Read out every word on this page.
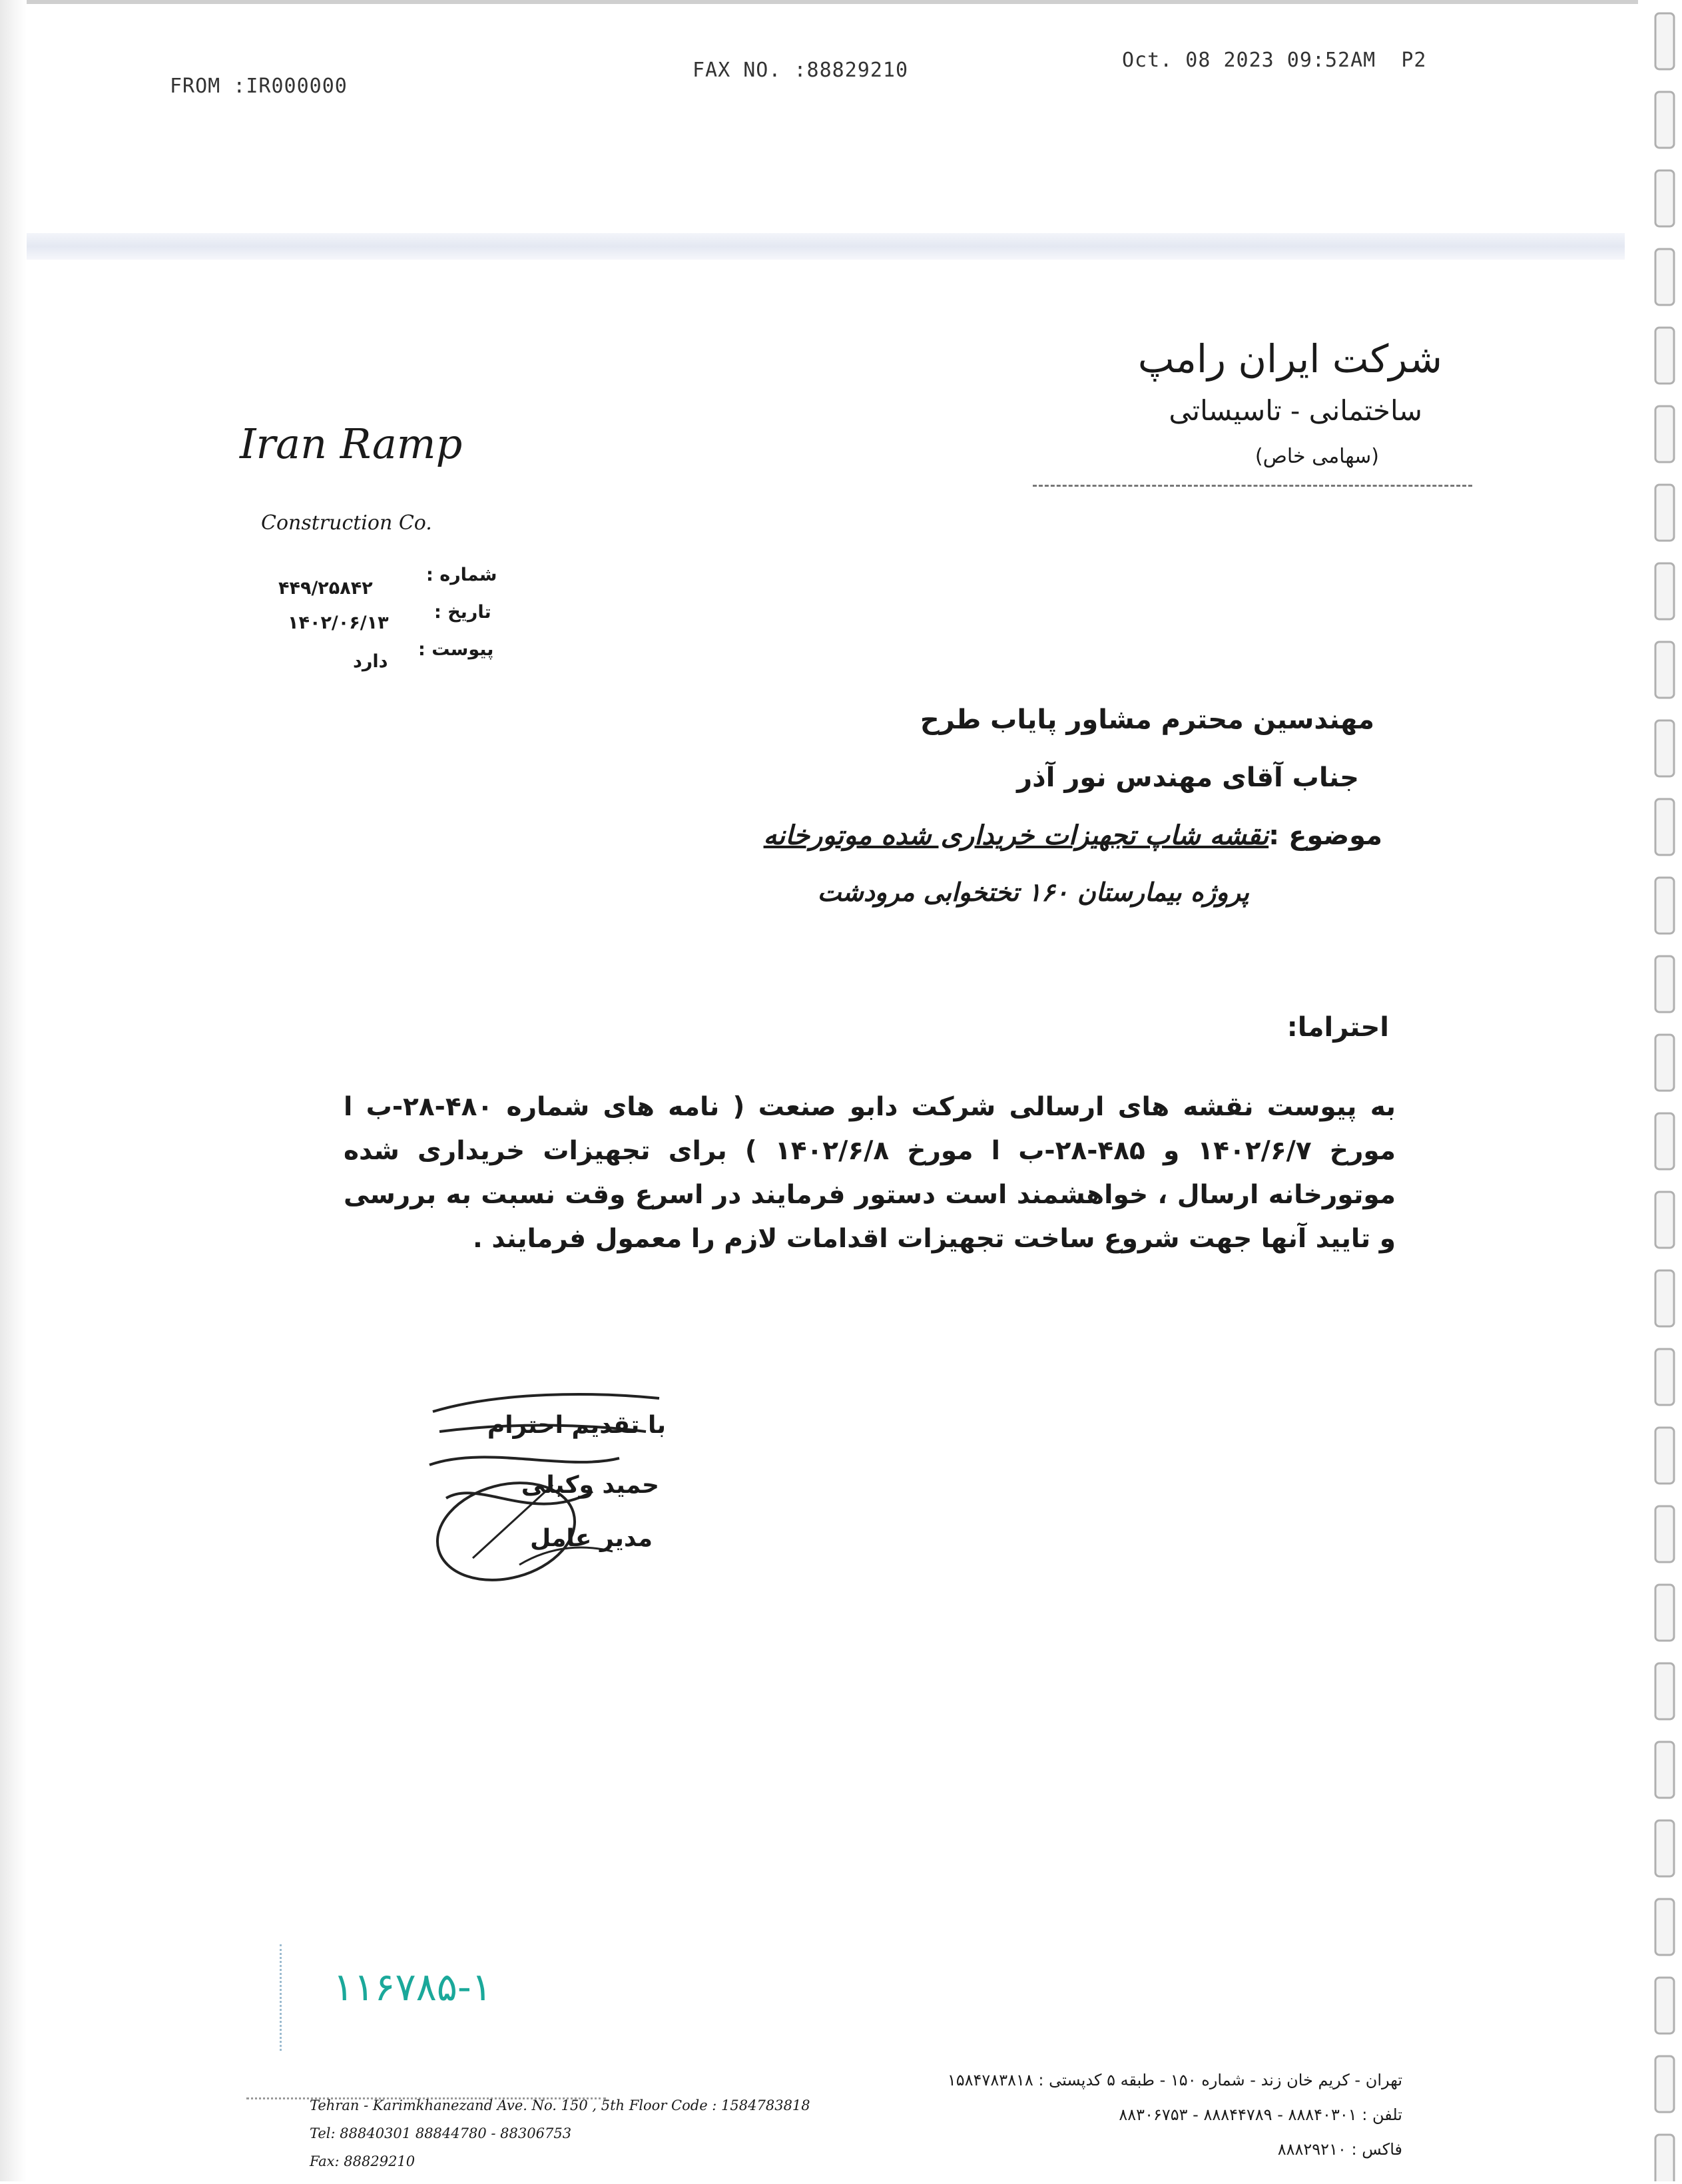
FROM :IR000000
FAX NO. :88829210	Oct. 08 2023 09:52AM  P2
شرکت ایران رامپ
ساختمانی - تاسیساتی
(سهامی خاص)
Iran Ramp
Construction Co.
شماره :
۴۴۹/۲۵۸۴۲
تاریخ :
۱۴۰۲/۰۶/۱۳
پیوست :
دارد
مهندسین محترم مشاور پایاب طرح
جناب آقای مهندس نور آذر
موضوع :نقشه شاپ تجهیزات خریداری شده موتورخانه
پروژه بیمارستان ۱۶۰ تختخوابی مرودشت
احتراما:
به پیوست نقشه های ارسالی شرکت دابو صنعت ( نامه های شماره ۴۸۰-۲۸-ب ا مورخ ۱۴۰۲/۶/۷ و ۴۸۵-۲۸-ب ا مورخ ۱۴۰۲/۶/۸ ) برای تجهیزات خریداری شده موتورخانه ارسال ، خواهشمند است دستور فرمایند در اسرع وقت نسبت به بررسی و تایید آنها جهت شروع ساخت تجهیزات اقدامات لازم را معمول فرمایند .
با تقدیم احترام
حمید وکیلی
مدیر عامل
۱۱۶۷۸۵-۱
Tehran - Karimkhanezand Ave. No. 150 , 5th Floor Code : 1584783818
Tel: 88840301 88844780 - 88306753
Fax: 88829210
تهران - کریم خان زند - شماره ۱۵۰ - طبقه ۵ کدپستی : ۱۵۸۴۷۸۳۸۱۸
تلفن : ۸۸۸۴۰۳۰۱ - ۸۸۸۴۴۷۸۹ - ۸۸۳۰۶۷۵۳
فاکس : ۸۸۸۲۹۲۱۰
